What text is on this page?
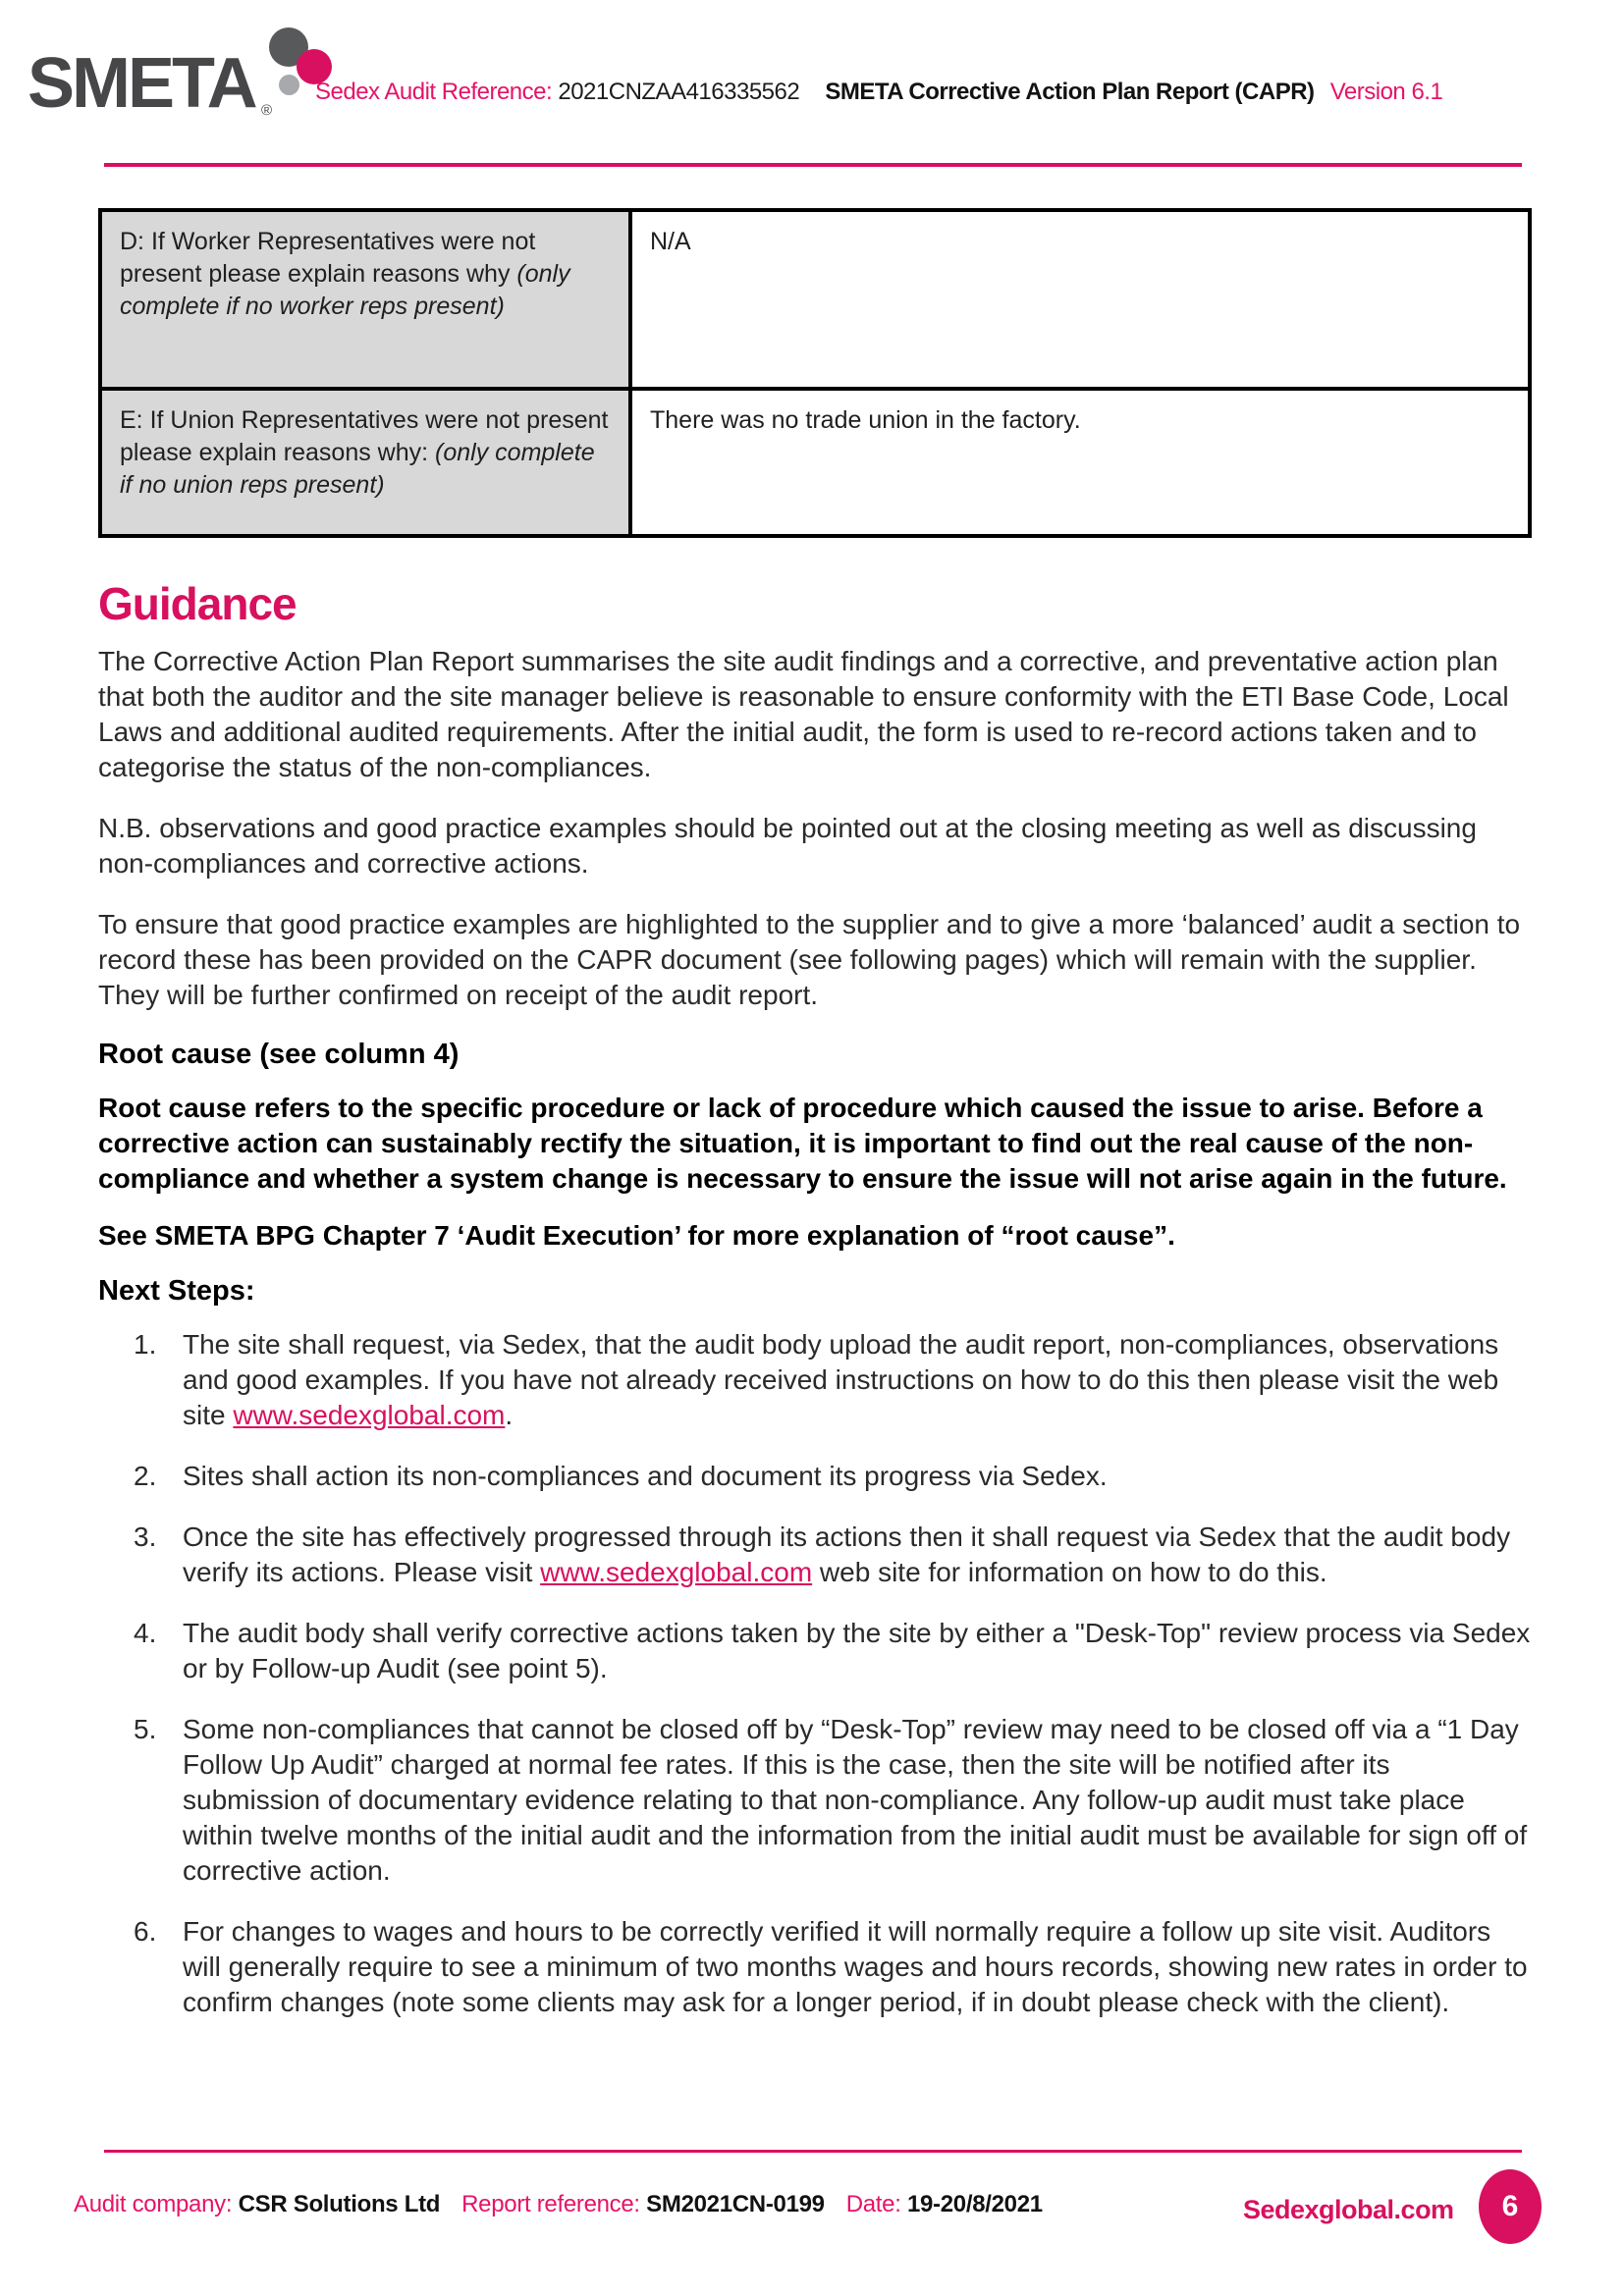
SMETA ®
Sedex Audit Reference: 2021CNZAA416335562 SMETA Corrective Action Plan Report (CAPR) Version 6.1
D: If Worker Representatives were not present please explain reasons why (only complete if no worker reps present)	N/A
E: If Union Representatives were not present please explain reasons why: (only complete if no union reps present)	There was no trade union in the factory.
Guidance

The Corrective Action Plan Report summarises the site audit findings and a corrective, and preventative action plan that both the auditor and the site manager believe is reasonable to ensure conformity with the ETI Base Code, Local Laws and additional audited requirements. After the initial audit, the form is used to re-record actions taken and to categorise the status of the non-compliances.

N.B. observations and good practice examples should be pointed out at the closing meeting as well as discussing non-compliances and corrective actions.

To ensure that good practice examples are highlighted to the supplier and to give a more ‘balanced’ audit a section to record these has been provided on the CAPR document (see following pages) which will remain with the supplier. They will be further confirmed on receipt of the audit report.

Root cause (see column 4)

Root cause refers to the specific procedure or lack of procedure which caused the issue to arise. Before a corrective action can sustainably rectify the situation, it is important to find out the real cause of the non-compliance and whether a system change is necessary to ensure the issue will not arise again in the future.

See SMETA BPG Chapter 7 ‘Audit Execution’ for more explanation of “root cause”.

Next Steps:
1. The site shall request, via Sedex, that the audit body upload the audit report, non-compliances, observations and good examples. If you have not already received instructions on how to do this then please visit the web site www.sedexglobal.com.
2. Sites shall action its non-compliances and document its progress via Sedex.
3. Once the site has effectively progressed through its actions then it shall request via Sedex that the audit body verify its actions. Please visit www.sedexglobal.com web site for information on how to do this.
4. The audit body shall verify corrective actions taken by the site by either a "Desk-Top" review process via Sedex or by Follow-up Audit (see point 5).
5. Some non-compliances that cannot be closed off by “Desk-Top” review may need to be closed off via a “1 Day Follow Up Audit” charged at normal fee rates. If this is the case, then the site will be notified after its submission of documentary evidence relating to that non-compliance. Any follow-up audit must take place within twelve months of the initial audit and the information from the initial audit must be available for sign off of corrective action.
6. For changes to wages and hours to be correctly verified it will normally require a follow up site visit. Auditors will generally require to see a minimum of two months wages and hours records, showing new rates in order to confirm changes (note some clients may ask for a longer period, if in doubt please check with the client).
Audit company: CSR Solutions Ltd Report reference: SM2021CN-0199 Date: 19-20/8/2021	Sedexglobal.com	6
